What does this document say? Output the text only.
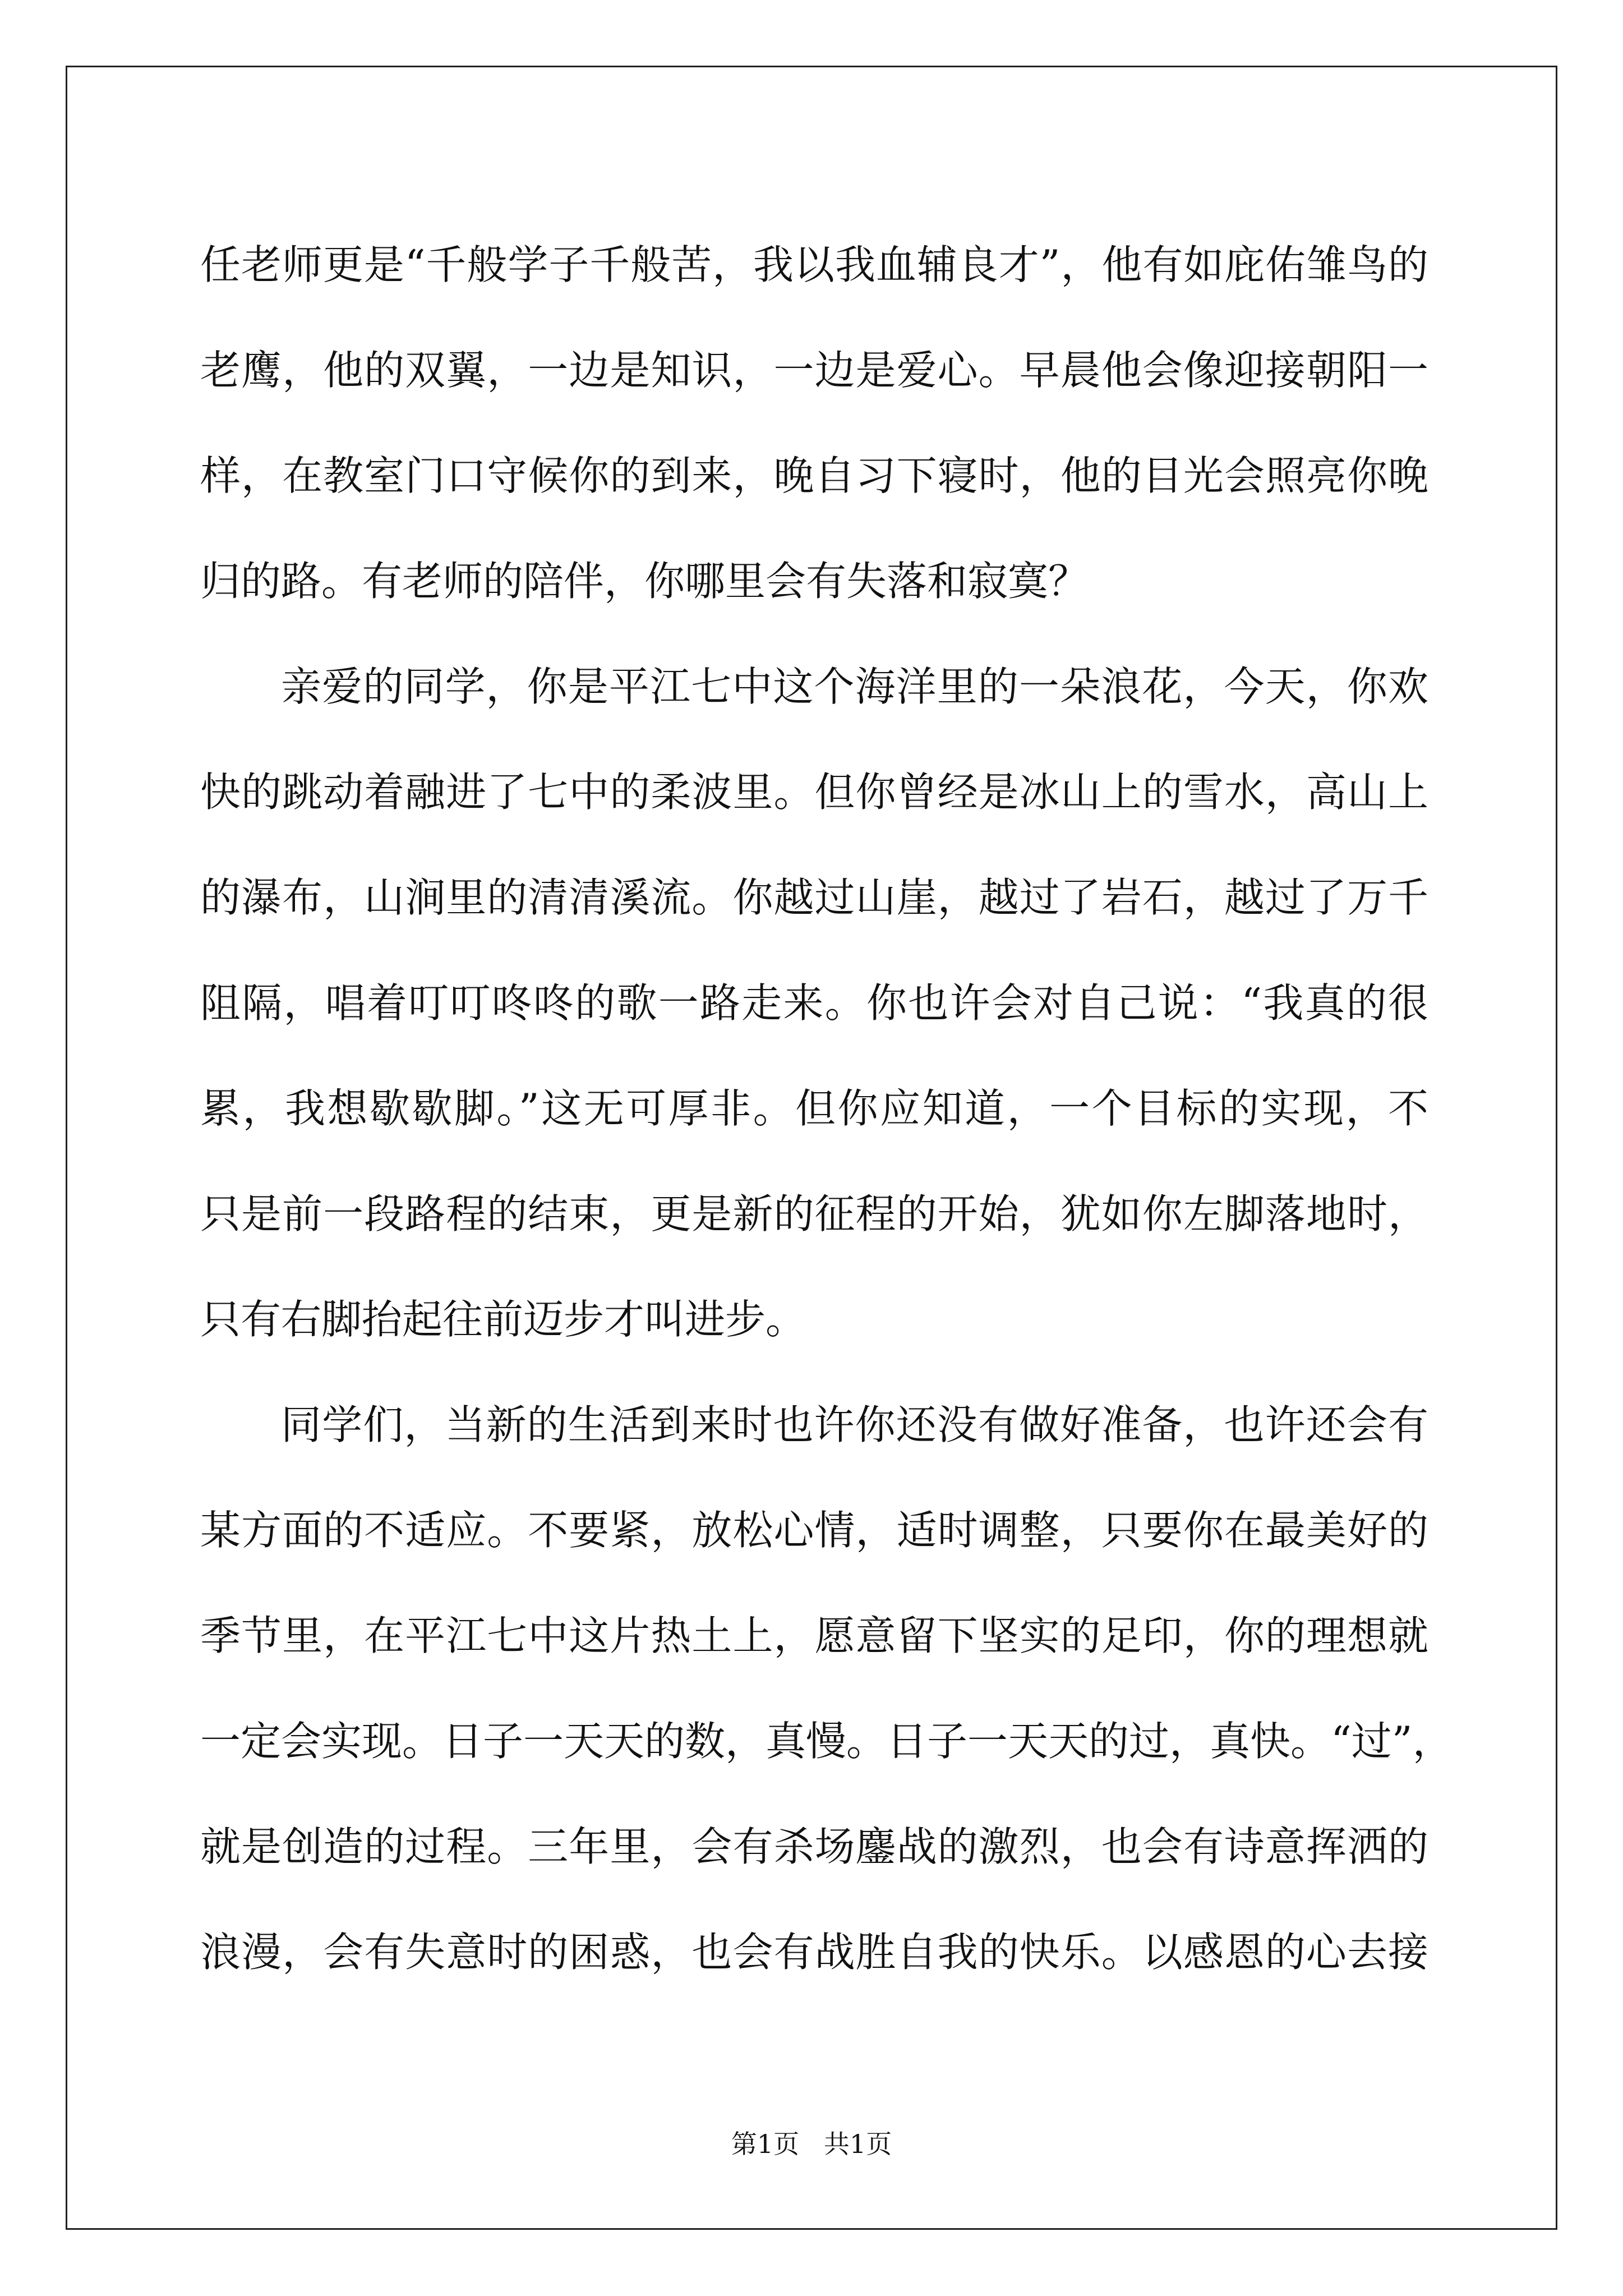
任老师更是“千般学子千般苦，我以我血辅良才”，他有如庇佑雏鸟的
老鹰，他的双翼，一边是知识，一边是爱心。早晨他会像迎接朝阳一
样，在教室门口守候你的到来，晚自习下寝时，他的目光会照亮你晚
归的路。有老师的陪伴，你哪里会有失落和寂寞？
亲爱的同学，你是平江七中这个海洋里的一朵浪花，今天，你欢
快的跳动着融进了七中的柔波里。但你曾经是冰山上的雪水，高山上
的瀑布，山涧里的清清溪流。你越过山崖，越过了岩石，越过了万千
阻隔，唱着叮叮咚咚的歌一路走来。你也许会对自己说：“我真的很
累，我想歇歇脚。”这无可厚非。但你应知道，一个目标的实现，不
只是前一段路程的结束，更是新的征程的开始，犹如你左脚落地时，
只有右脚抬起往前迈步才叫进步。
同学们，当新的生活到来时也许你还没有做好准备，也许还会有
某方面的不适应。不要紧，放松心情，适时调整，只要你在最美好的
季节里，在平江七中这片热土上，愿意留下坚实的足印，你的理想就
一定会实现。日子一天天的数，真慢。日子一天天的过，真快。“过”，
就是创造的过程。三年里，会有杀场鏖战的激烈，也会有诗意挥洒的
浪漫，会有失意时的困惑，也会有战胜自我的快乐。以感恩的心去接
第1页   共1页
